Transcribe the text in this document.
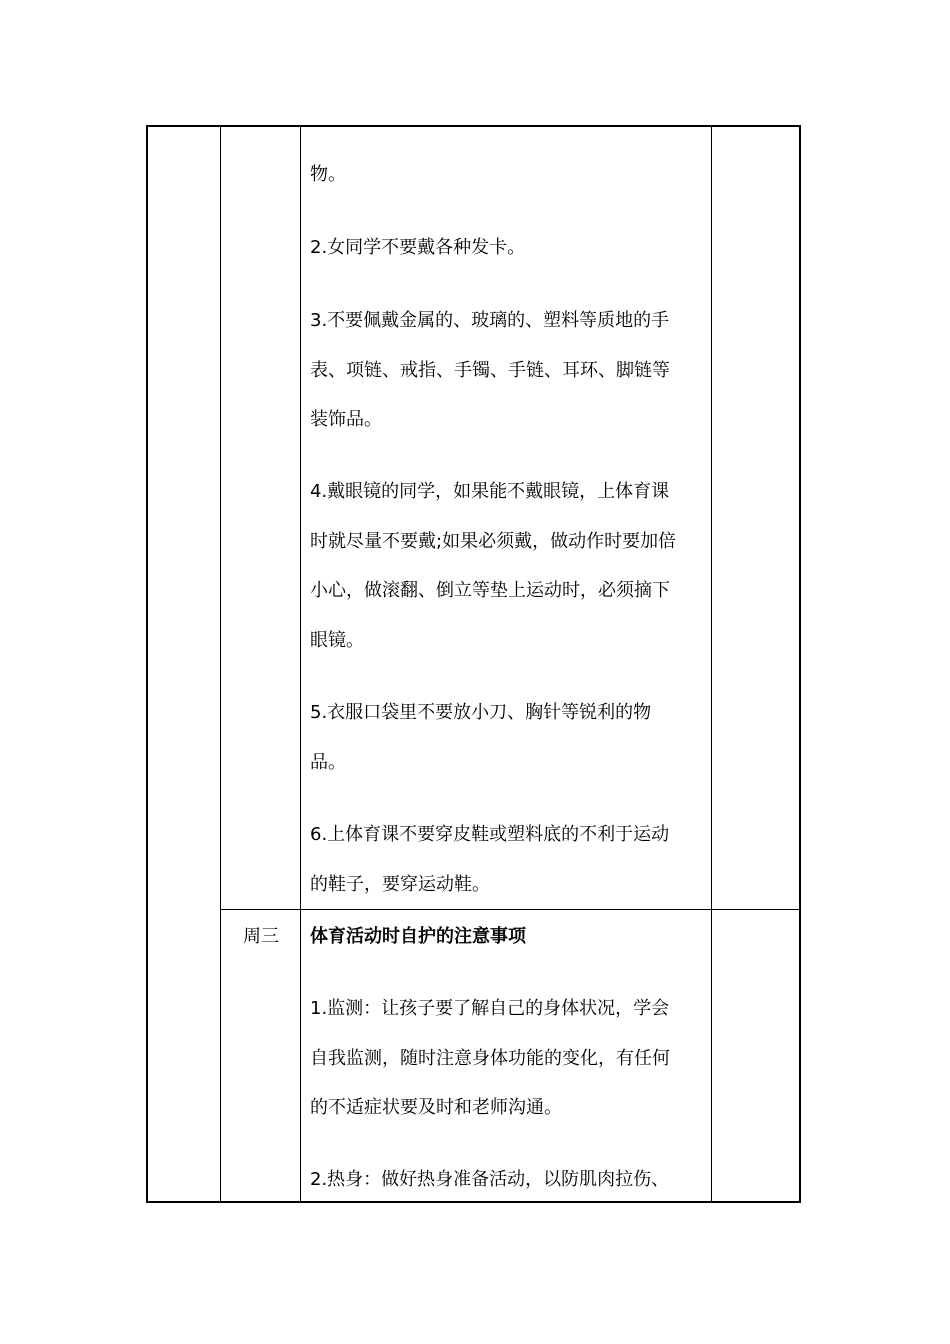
物。
2.女同学不要戴各种发卡。
3.不要佩戴金属的、玻璃的、塑料等质地的手
表、项链、戒指、手镯、手链、耳环、脚链等
装饰品。
4.戴眼镜的同学，如果能不戴眼镜，上体育课
时就尽量不要戴;如果必须戴，做动作时要加倍
小心，做滚翻、倒立等垫上运动时，必须摘下
眼镜。
5.衣服口袋里不要放小刀、胸针等锐利的物
品。
6.上体育课不要穿皮鞋或塑料底的不利于运动
的鞋子，要穿运动鞋。
周三 体育活动时自护的注意事项
1.监测：让孩子要了解自己的身体状况，学会
自我监测，随时注意身体功能的变化，有任何
的不适症状要及时和老师沟通。
2.热身：做好热身准备活动，以防肌肉拉伤、
